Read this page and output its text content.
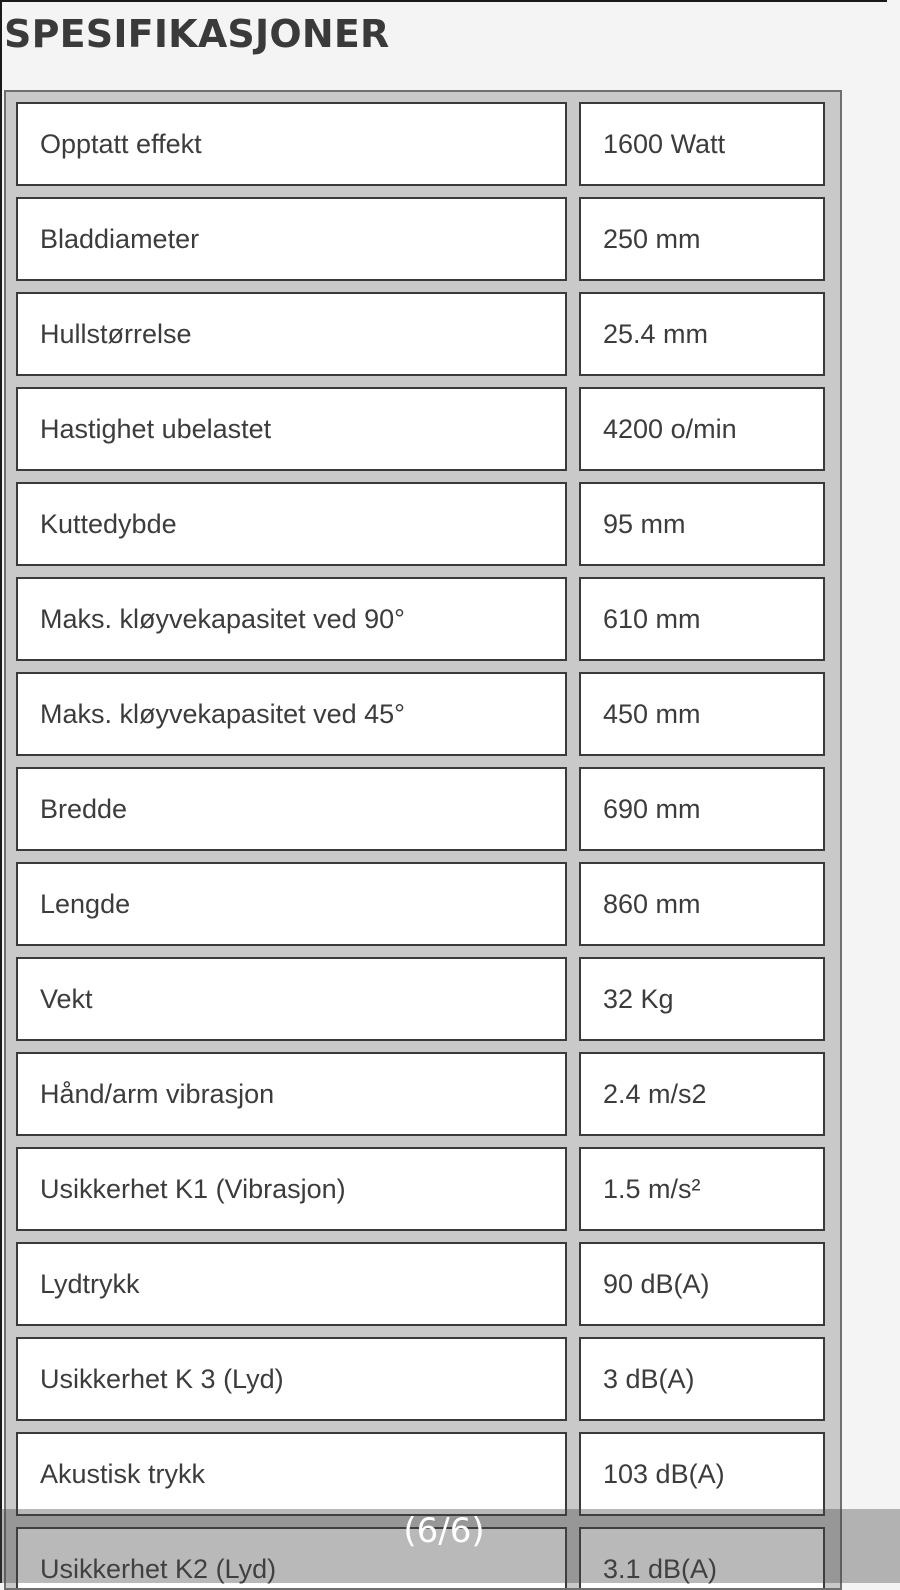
SPESIFIKASJONER
Opptatt effekt	1600 Watt
Bladdiameter	250 mm
Hullstørrelse	25.4 mm
Hastighet ubelastet	4200 o/min
Kuttedybde	95 mm
Maks. kløyvekapasitet ved 90°	610 mm
Maks. kløyvekapasitet ved 45°	450 mm
Bredde	690 mm
Lengde	860 mm
Vekt	32 Kg
Hånd/arm vibrasjon	2.4 m/s2
Usikkerhet K1 (Vibrasjon)	1.5 m/s²
Lydtrykk	90 dB(A)
Usikkerhet K 3 (Lyd)	3 dB(A)
Akustisk trykk	103 dB(A)
Usikkerhet K2 (Lyd)	3.1 dB(A)
(6/6)
